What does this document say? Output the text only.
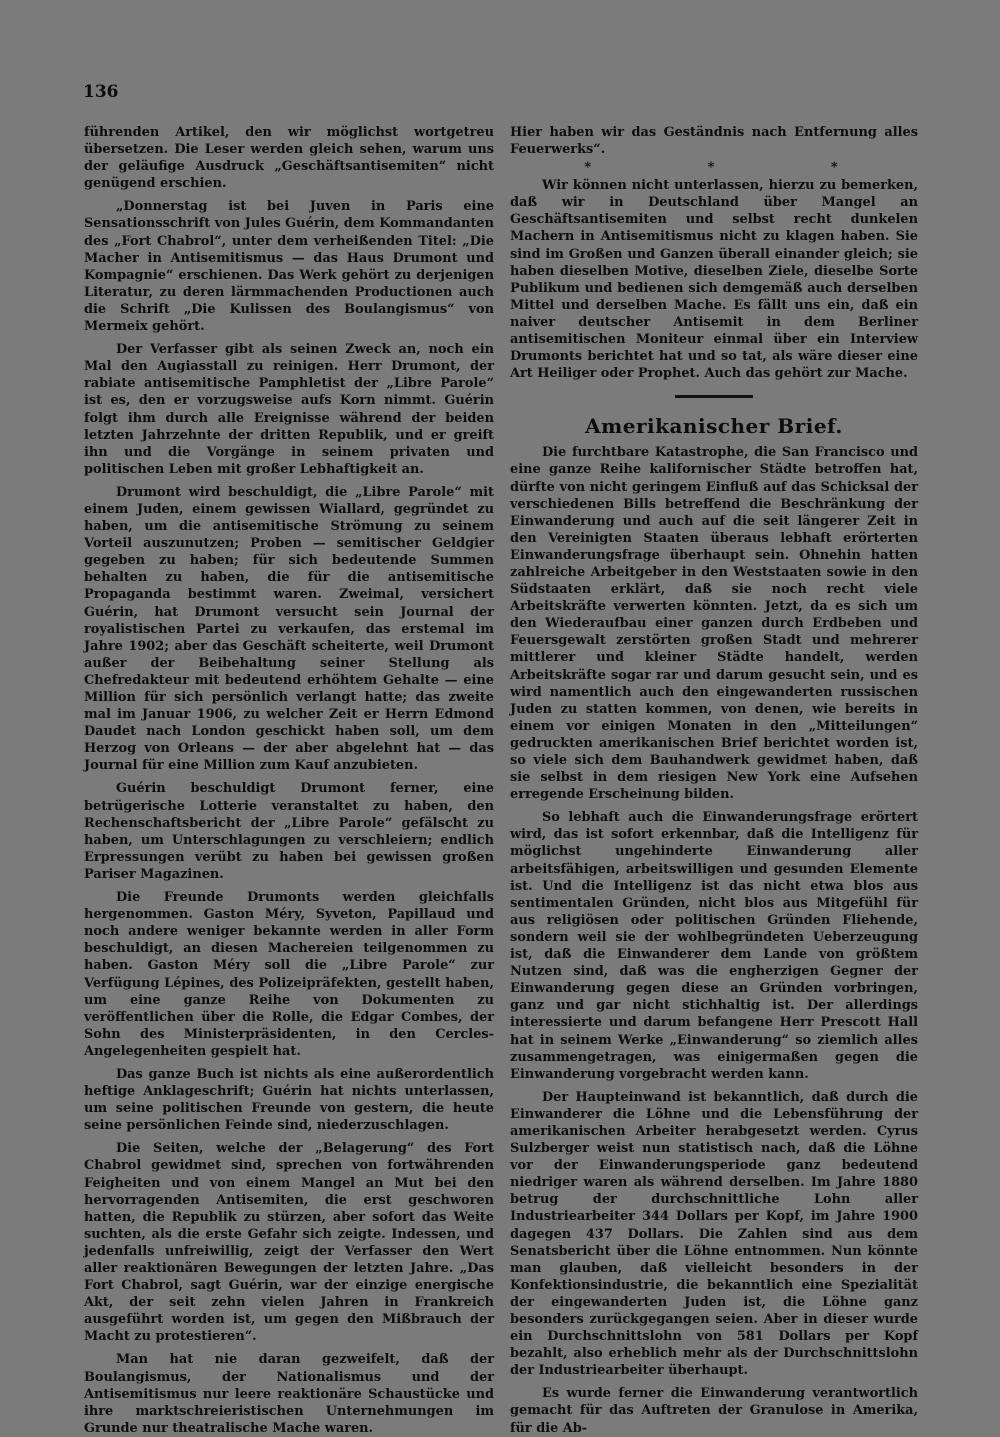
136

führenden Artikel, den wir möglichst wortgetreu übersetzen. Die Leser werden gleich sehen, warum uns der geläufige Ausdruck „Geschäftsantisemiten“ nicht genügend erschien.

„Donnerstag ist bei Juven in Paris eine Sensationsschrift von Jules Guérin, dem Kommandanten des „Fort Chabrol“, unter dem verheißenden Titel: „Die Macher in Antisemitismus — das Haus Drumont und Kompagnie“ erschienen. Das Werk gehört zu derjenigen Literatur, zu deren lärmmachenden Productionen auch die Schrift „Die Kulissen des Boulangismus“ von Mermeix gehört.

Der Verfasser gibt als seinen Zweck an, noch ein Mal den Augiasstall zu reinigen. Herr Drumont, der rabiate antisemitische Pamphletist der „Libre Parole“ ist es, den er vorzugsweise aufs Korn nimmt. Guérin folgt ihm durch alle Ereignisse während der beiden letzten Jahrzehnte der dritten Republik, und er greift ihn und die Vorgänge in seinem privaten und politischen Leben mit großer Lebhaftigkeit an.

Drumont wird beschuldigt, die „Libre Parole“ mit einem Juden, einem gewissen Wiallard, gegründet zu haben, um die antisemitische Strömung zu seinem Vorteil auszunutzen; Proben — semitischer Geldgier gegeben zu haben; für sich bedeutende Summen behalten zu haben, die für die antisemitische Propaganda bestimmt waren. Zweimal, versichert Guérin, hat Drumont versucht sein Journal der royalistischen Partei zu verkaufen, das erstemal im Jahre 1902; aber das Geschäft scheiterte, weil Drumont außer der Beibehaltung seiner Stellung als Chefredakteur mit bedeutend erhöhtem Gehalte — eine Million für sich persönlich verlangt hatte; das zweite mal im Januar 1906, zu welcher Zeit er Herrn Edmond Daudet nach London geschickt haben soll, um dem Herzog von Orleans — der aber abgelehnt hat — das Journal für eine Million zum Kauf anzubieten.

Guérin beschuldigt Drumont ferner, eine betrügerische Lotterie veranstaltet zu haben, den Rechenschaftsbericht der „Libre Parole“ gefälscht zu haben, um Unterschlagungen zu verschleiern; endlich Erpressungen verübt zu haben bei gewissen großen Pariser Magazinen.

Die Freunde Drumonts werden gleichfalls hergenommen. Gaston Méry, Syveton, Papillaud und noch andere weniger bekannte werden in aller Form beschuldigt, an diesen Machereien teilgenommen zu haben. Gaston Méry soll die „Libre Parole“ zur Verfügung Lépines, des Polizeipräfekten, gestellt haben, um eine ganze Reihe von Dokumenten zu veröffentlichen über die Rolle, die Edgar Combes, der Sohn des Ministerpräsidenten, in den Cercles-Angelegenheiten gespielt hat.

Das ganze Buch ist nichts als eine außerordentlich heftige Anklageschrift; Guérin hat nichts unterlassen, um seine politischen Freunde von gestern, die heute seine persönlichen Feinde sind, niederzuschlagen.

Die Seiten, welche der „Belagerung“ des Fort Chabrol gewidmet sind, sprechen von fortwährenden Feigheiten und von einem Mangel an Mut bei den hervorragenden Antisemiten, die erst geschworen hatten, die Republik zu stürzen, aber sofort das Weite suchten, als die erste Gefahr sich zeigte. Indessen, und jedenfalls unfreiwillig, zeigt der Verfasser den Wert aller reaktionären Bewegungen der letzten Jahre. „Das Fort Chabrol, sagt Guérin, war der einzige energische Akt, der seit zehn vielen Jahren in Frankreich ausgeführt worden ist, um gegen den Mißbrauch der Macht zu protestieren“.

Man hat nie daran gezweifelt, daß der Boulangismus, der Nationalismus und der Antisemitismus nur leere reaktionäre Schaustücke und ihre marktschreieristischen Unternehmungen im Grunde nur theatralische Mache waren.

Hier haben wir das Geständnis nach Entfernung alles Feuerwerks“.

* * *

Wir können nicht unterlassen, hierzu zu bemerken, daß wir in Deutschland über Mangel an Geschäftsantisemiten und selbst recht dunkelen Machern in Antisemitismus nicht zu klagen haben. Sie sind im Großen und Ganzen überall einander gleich; sie haben dieselben Motive, dieselben Ziele, dieselbe Sorte Publikum und bedienen sich demgemäß auch derselben Mittel und derselben Mache. Es fällt uns ein, daß ein naiver deutscher Antisemit in dem Berliner antisemitischen Moniteur einmal über ein Interview Drumonts berichtet hat und so tat, als wäre dieser eine Art Heiliger oder Prophet. Auch das gehört zur Mache.

Amerikanischer Brief.

Die furchtbare Katastrophe, die San Francisco und eine ganze Reihe kalifornischer Städte betroffen hat, dürfte von nicht geringem Einfluß auf das Schicksal der verschiedenen Bills betreffend die Beschränkung der Einwanderung und auch auf die seit längerer Zeit in den Vereinigten Staaten überaus lebhaft erörterten Einwanderungsfrage überhaupt sein. Ohnehin hatten zahlreiche Arbeitgeber in den Weststaaten sowie in den Südstaaten erklärt, daß sie noch recht viele Arbeitskräfte verwerten könnten. Jetzt, da es sich um den Wiederaufbau einer ganzen durch Erdbeben und Feuersgewalt zerstörten großen Stadt und mehrerer mittlerer und kleiner Städte handelt, werden Arbeitskräfte sogar rar und darum gesucht sein, und es wird namentlich auch den eingewanderten russischen Juden zu statten kommen, von denen, wie bereits in einem vor einigen Monaten in den „Mitteilungen“ gedruckten amerikanischen Brief berichtet worden ist, so viele sich dem Bauhandwerk gewidmet haben, daß sie selbst in dem riesigen New York eine Aufsehen erregende Erscheinung bilden.

So lebhaft auch die Einwanderungsfrage erörtert wird, das ist sofort erkennbar, daß die Intelligenz für möglichst ungehinderte Einwanderung aller arbeitsfähigen, arbeitswilligen und gesunden Elemente ist. Und die Intelligenz ist das nicht etwa blos aus sentimentalen Gründen, nicht blos aus Mitgefühl für aus religiösen oder politischen Gründen Fliehende, sondern weil sie der wohlbegründeten Ueberzeugung ist, daß die Einwanderer dem Lande von größtem Nutzen sind, daß was die engherzigen Gegner der Einwanderung gegen diese an Gründen vorbringen, ganz und gar nicht stichhaltig ist. Der allerdings interessierte und darum befangene Herr Prescott Hall hat in seinem Werke „Einwanderung“ so ziemlich alles zusammengetragen, was einigermaßen gegen die Einwanderung vorgebracht werden kann.

Der Haupteinwand ist bekanntlich, daß durch die Einwanderer die Löhne und die Lebensführung der amerikanischen Arbeiter herabgesetzt werden. Cyrus Sulzberger weist nun statistisch nach, daß die Löhne vor der Einwanderungsperiode ganz bedeutend niedriger waren als während derselben. Im Jahre 1880 betrug der durchschnittliche Lohn aller Industriearbeiter 344 Dollars per Kopf, im Jahre 1900 dagegen 437 Dollars. Die Zahlen sind aus dem Senatsbericht über die Löhne entnommen. Nun könnte man glauben, daß vielleicht besonders in der Konfektionsindustrie, die bekanntlich eine Spezialität der eingewanderten Juden ist, die Löhne ganz besonders zurückgegangen seien. Aber in dieser wurde ein Durchschnittslohn von 581 Dollars per Kopf bezahlt, also erheblich mehr als der Durchschnittslohn der Industriearbeiter überhaupt.

Es wurde ferner die Einwanderung verantwortlich gemacht für das Auftreten der Granulose in Amerika, für die Ab-
